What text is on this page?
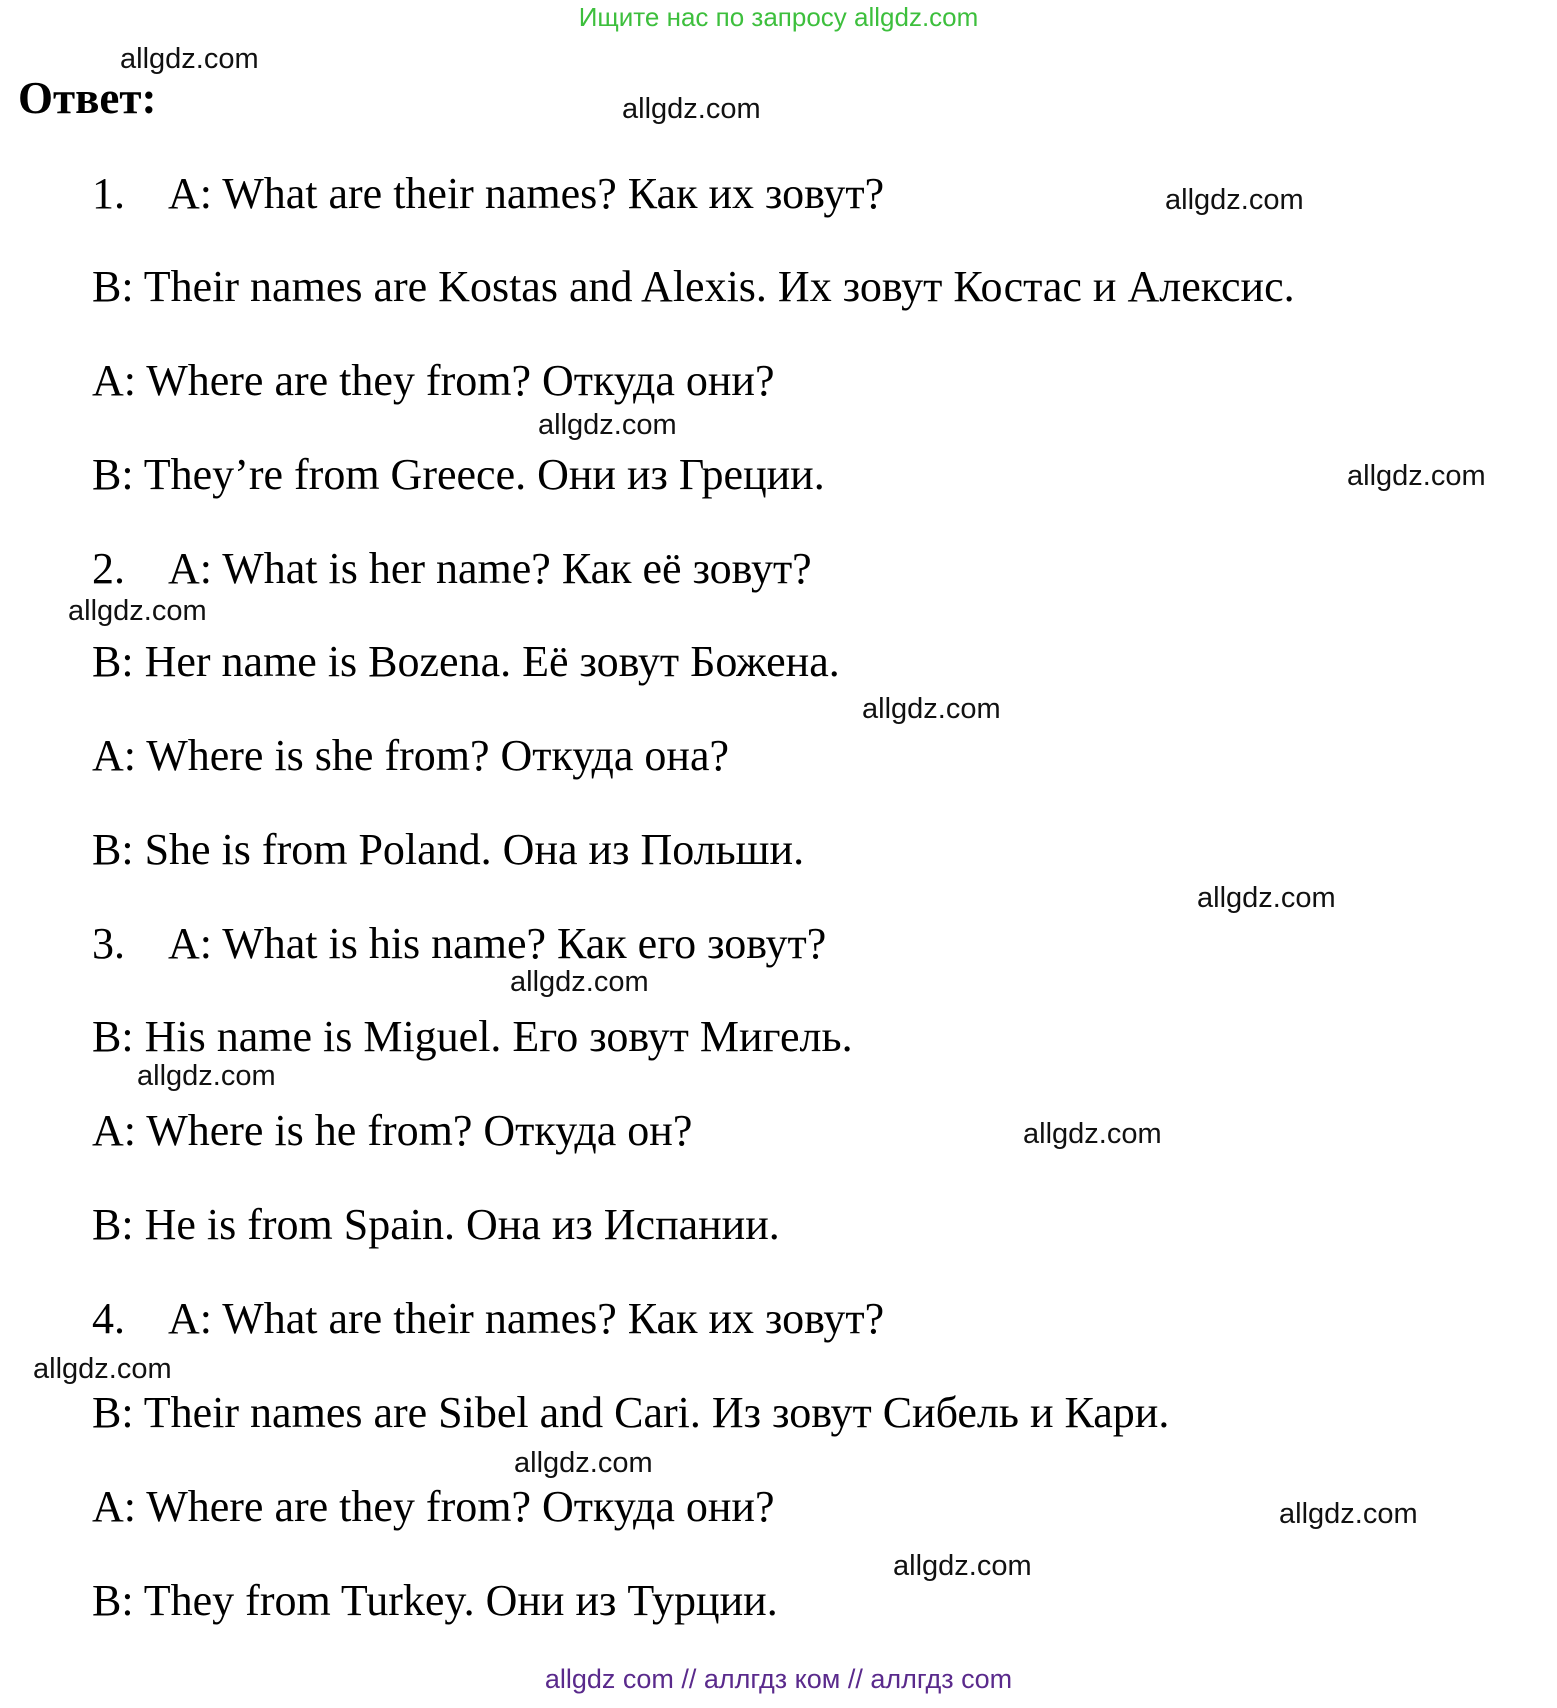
Ищите нас по запросу allgdz.com
Ответ:
1. A: What are their names? Как их зовут?
B: Their names are Kostas and Alexis. Их зовут Костас и Алексис.
A: Where are they from? Откуда они?
B: They’re from Greece. Они из Греции.
2. A: What is her name? Как её зовут?
B: Her name is Bozena. Её зовут Божена.
A: Where is she from? Откуда она?
B: She is from Poland. Она из Польши.
3. A: What is his name? Как его зовут?
B: His name is Miguel. Его зовут Мигель.
A: Where is he from? Откуда он?
B: He is from Spain. Она из Испании.
4. A: What are their names? Как их зовут?
B: Their names are Sibel and Cari. Из зовут Сибель и Кари.
A: Where are they from? Откуда они?
B: They from Turkey. Они из Турции.
allgdz.com
allgdz.com
allgdz.com
allgdz.com
allgdz.com
allgdz.com
allgdz.com
allgdz.com
allgdz.com
allgdz.com
allgdz.com
allgdz.com
allgdz.com
allgdz.com
allgdz.com
allgdz com // аллгдз ком // аллгдз com
